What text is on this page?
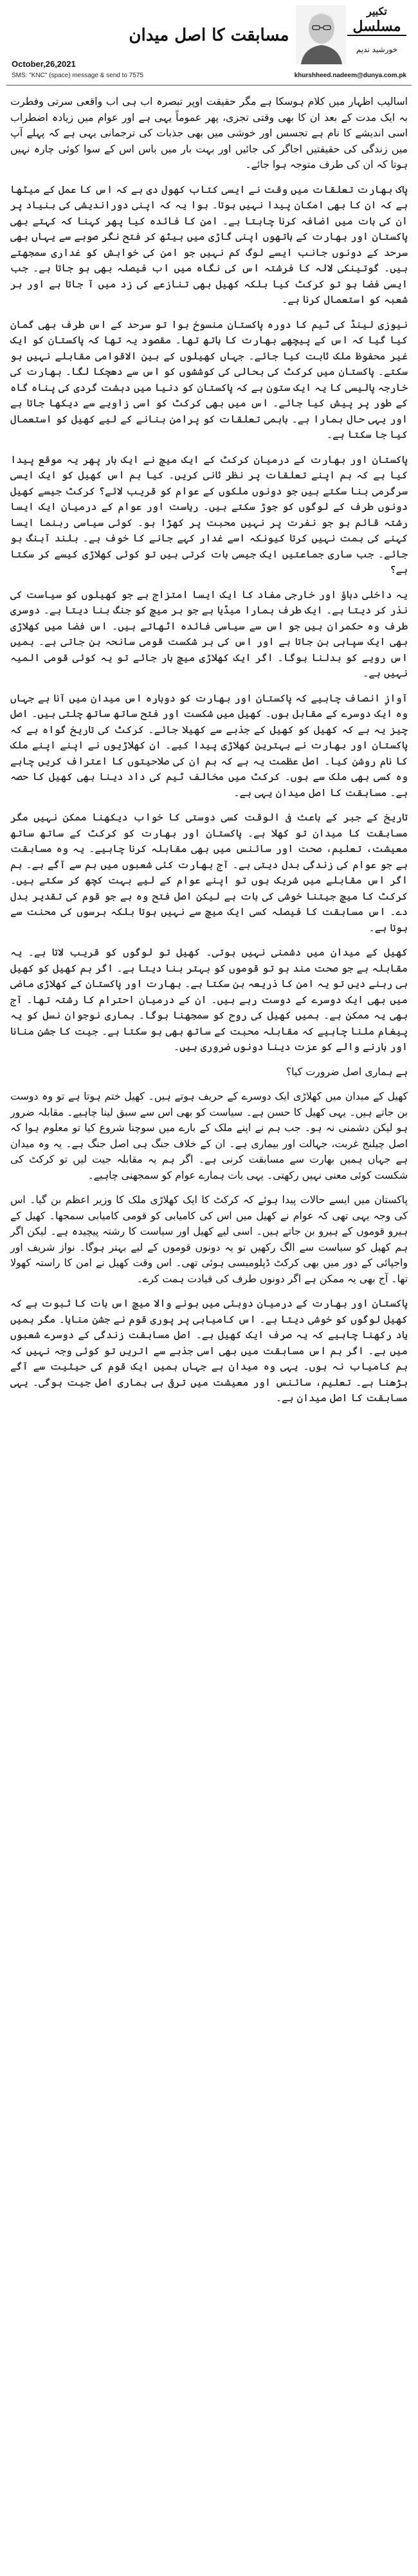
October,26,2021
SMS: "KNC" (space) message & send to 7575	khurshheed.nadeem@dunya.com.pk
مسابقت کا اصل میدان
تکبیر
مسلسل
خورشید ندیم

اسالیب اظہار میں کلام ہوسکا ہے مگر حقیقت اوپر تبصرہ اب ہی اب واقعی سرتی وفطرت بہ ایک مدت کے بعد ان کا بھی وقتی تجزی، پھر عموماً یہی ہے اور عوام میں زیادہ اضطراب اسی اندیشے کا نام ہے تجسس اور خوشی میں بھی جذبات کی ترجمانی یہی ہے کہ پہلے آپ میں زندگی کی حقیقتیں اجاگر کی جائیں اور بہت بار میں باس اس کے سوا کوئی چارہ نہیں ہوتا کہ ان کی طرف متوجہ ہوا جائے۔

پاک بھارت تعلقات میں وقت نے ایسی کتاب کھول دی ہے کہ اس کا عمل کے میٹھا ہے کہ ان کا بھی امکان پیدا نہیں ہوتا۔ ہوا یہ کہ اپنی دوراندیشی کی بنیاد پر ان کی بات میں اضافہ کرنا چاہتا ہے۔ امن کا فائدہ کیا پھر کہنا کہ کہتے بھی پاکستان اور بھارت کے ہاتھوں اپنی گاڑی میں بیٹھ کر فتح نگر صوبے سے یہاں بھی سرحد کے دونوں جانب ایسے لوگ کم نہیں جو امن کی خواہش کو غداری سمجھتے ہیں۔ گوتینکی لالہ کا فرشتہ اس کی نگاہ میں اب فیصلہ بھی ہو جاتا ہے۔ جب ایسی فضا ہو تو کرکٹ کیا بلکہ کھیل بھی تنازعے کی زد میں آ جاتا ہے اور ہر شعبہ کو استعمال کرنا ہے۔

نیوزی لینڈ کی ٹیم کا دورہ پاکستان منسوخ ہوا تو سرحد کے اس طرف بھی گمان کیا گیا کہ اس کے پیچھے بھارت کا ہاتھ تھا۔ مقصود یہ تھا کہ پاکستان کو ایک غیر محفوظ ملک ثابت کیا جائے۔ جہاں کھیلوں کے بین الاقوامی مقابلے نہیں ہو سکتے۔ پاکستان میں کرکٹ کی بحالی کی کوششوں کو اس سے دھچکا لگا۔ بھارت کی خارجہ پالیسی کا یہ ایک ستون ہے کہ پاکستان کو دنیا میں دہشت گردی کی پناہ گاہ کے طور پر پیش کیا جائے۔ اس میں بھی کرکٹ کو اسی زاویے سے دیکھا جاتا ہے اور یہی حال ہمارا ہے۔ باہمی تعلقات کو پرامن بنانے کے لیے کھیل کو استعمال کیا جا سکتا ہے۔

پاکستان اور بھارت کے درمیان کرکٹ کے ایک میچ نے ایک بار پھر یہ موقع پیدا کیا ہے کہ ہم اپنے تعلقات پر نظر ثانی کریں۔ کیا ہم اس کھیل کو ایک ایسی سرگرمی بنا سکتے ہیں جو دونوں ملکوں کے عوام کو قریب لائے؟ کرکٹ جیسے کھیل دونوں طرف کے لوگوں کو جوڑ سکتے ہیں۔ ریاست اور عوام کے درمیان ایک ایسا رشتہ قائم ہو جو نفرت پر نہیں محبت پر کھڑا ہو۔ کوئی سیاسی رہنما ایسا کہنے کی ہمت نہیں کرتا کیونکہ اسے غدار کہے جانے کا خوف ہے۔ بلند آہنگ ہو جائے۔ جب ساری جماعتیں ایک جیسی بات کرتی ہیں تو کوئی کھلاڑی کیسے کر سکتا ہے؟

یہ داخلی دباؤ اور خارجی مفاد کا ایک ایسا امتزاج ہے جو کھیلوں کو سیاست کی نذر کر دیتا ہے۔ ایک طرف ہمارا میڈیا ہے جو ہر میچ کو جنگ بنا دیتا ہے۔ دوسری طرف وہ حکمران ہیں جو اس سے سیاسی فائدہ اٹھاتے ہیں۔ اس فضا میں کھلاڑی بھی ایک سپاہی بن جاتا ہے اور اس کی ہر شکست قومی سانحہ بن جاتی ہے۔ ہمیں اس رویے کو بدلنا ہوگا۔ اگر ایک کھلاڑی میچ ہار جائے تو یہ کوئی قومی المیہ نہیں ہے۔

آوازِ انصاف چاہیے کہ پاکستان اور بھارت کو دوبارہ اس میدان میں آنا ہے جہاں وہ ایک دوسرے کے مقابل ہوں۔ کھیل میں شکست اور فتح ساتھ ساتھ چلتی ہیں۔ اصل چیز یہ ہے کہ کھیل کو کھیل کے جذبے سے کھیلا جائے۔ کرکٹ کی تاریخ گواہ ہے کہ پاکستان اور بھارت نے بہترین کھلاڑی پیدا کیے۔ ان کھلاڑیوں نے اپنے اپنے ملک کا نام روشن کیا۔ اصل عظمت یہ ہے کہ ہم ان کی صلاحیتوں کا اعتراف کریں چاہے وہ کسی بھی ملک سے ہوں۔ کرکٹ میں مخالف ٹیم کی داد دینا بھی کھیل کا حصہ ہے۔ مسابقت کا اصل میدان یہی ہے۔

تاریخ کے جبر کے باعث فی الوقت کسی دوستی کا خواب دیکھنا ممکن نہیں مگر مسابقت کا میدان تو کھلا ہے۔ پاکستان اور بھارت کو کرکٹ کے ساتھ ساتھ معیشت، تعلیم، صحت اور سائنس میں بھی مقابلہ کرنا چاہیے۔ یہ وہ مسابقت ہے جو عوام کی زندگی بدل دیتی ہے۔ آج بھارت کئی شعبوں میں ہم سے آگے ہے۔ ہم اگر اس مقابلے میں شریک ہوں تو اپنے عوام کے لیے بہت کچھ کر سکتے ہیں۔ کرکٹ کا میچ جیتنا خوشی کی بات ہے لیکن اصل فتح وہ ہے جو قوم کی تقدیر بدل دے۔ اس مسابقت کا فیصلہ کسی ایک میچ سے نہیں ہوتا بلکہ برسوں کی محنت سے ہوتا ہے۔

کھیل کے میدان میں دشمنی نہیں ہوتی۔ کھیل تو لوگوں کو قریب لاتا ہے۔ یہ مقابلہ ہے جو صحت مند ہو تو قوموں کو بہتر بنا دیتا ہے۔ اگر ہم کھیل کو کھیل ہی رہنے دیں تو یہ امن کا ذریعہ بن سکتا ہے۔ بھارت اور پاکستان کے کھلاڑی ماضی میں بھی ایک دوسرے کے دوست رہے ہیں۔ ان کے درمیان احترام کا رشتہ تھا۔ آج بھی یہ ممکن ہے۔ ہمیں کھیل کی روح کو سمجھنا ہوگا۔ ہماری نوجوان نسل کو یہ پیغام ملنا چاہیے کہ مقابلہ محبت کے ساتھ بھی ہو سکتا ہے۔ جیت کا جشن منانا اور ہارنے والے کو عزت دینا دونوں ضروری ہیں۔

ہے ہماری اصل ضرورت کیا؟

کھیل کے میدان میں کھلاڑی ایک دوسرے کے حریف ہوتے ہیں۔ کھیل ختم ہوتا ہے تو وہ دوست بن جاتے ہیں۔ یہی کھیل کا حسن ہے۔ سیاست کو بھی اس سے سبق لینا چاہیے۔ مقابلہ ضرور ہو لیکن دشمنی نہ ہو۔ جب ہم نے اپنے ملک کے بارے میں سوچنا شروع کیا تو معلوم ہوا کہ اصل چیلنج غربت، جہالت اور بیماری ہے۔ ان کے خلاف جنگ ہی اصل جنگ ہے۔ یہ وہ میدان ہے جہاں ہمیں بھارت سے مسابقت کرنی ہے۔ اگر ہم یہ مقابلہ جیت لیں تو کرکٹ کی شکست کوئی معنی نہیں رکھتی۔ یہی بات ہمارے عوام کو سمجھنی چاہیے۔

پاکستان میں ایسے حالات پیدا ہوئے کہ کرکٹ کا ایک کھلاڑی ملک کا وزیر اعظم بن گیا۔ اس کی وجہ یہی تھی کہ عوام نے کھیل میں اس کی کامیابی کو قومی کامیابی سمجھا۔ کھیل کے ہیرو قوموں کے ہیرو بن جاتے ہیں۔ اسی لیے کھیل اور سیاست کا رشتہ پیچیدہ ہے۔ لیکن اگر ہم کھیل کو سیاست سے الگ رکھیں تو یہ دونوں قوموں کے لیے بہتر ہوگا۔ نواز شریف اور واجپائی کے دور میں بھی کرکٹ ڈپلومیسی ہوئی تھی۔ اس وقت کھیل نے امن کا راستہ کھولا تھا۔ آج بھی یہ ممکن ہے اگر دونوں طرف کی قیادت ہمت کرے۔

پاکستان اور بھارت کے درمیان دوبئی میں ہونے والا میچ اس بات کا ثبوت ہے کہ کھیل لوگوں کو خوشی دیتا ہے۔ اس کامیابی پر پوری قوم نے جشن منایا۔ مگر ہمیں یاد رکھنا چاہیے کہ یہ صرف ایک کھیل ہے۔ اصل مسابقت زندگی کے دوسرے شعبوں میں ہے۔ اگر ہم اس مسابقت میں بھی اسی جذبے سے اتریں تو کوئی وجہ نہیں کہ ہم کامیاب نہ ہوں۔ یہی وہ میدان ہے جہاں ہمیں ایک قوم کی حیثیت سے آگے بڑھنا ہے۔ تعلیم، سائنس اور معیشت میں ترقی ہی ہماری اصل جیت ہوگی۔ یہی مسابقت کا اصل میدان ہے۔
